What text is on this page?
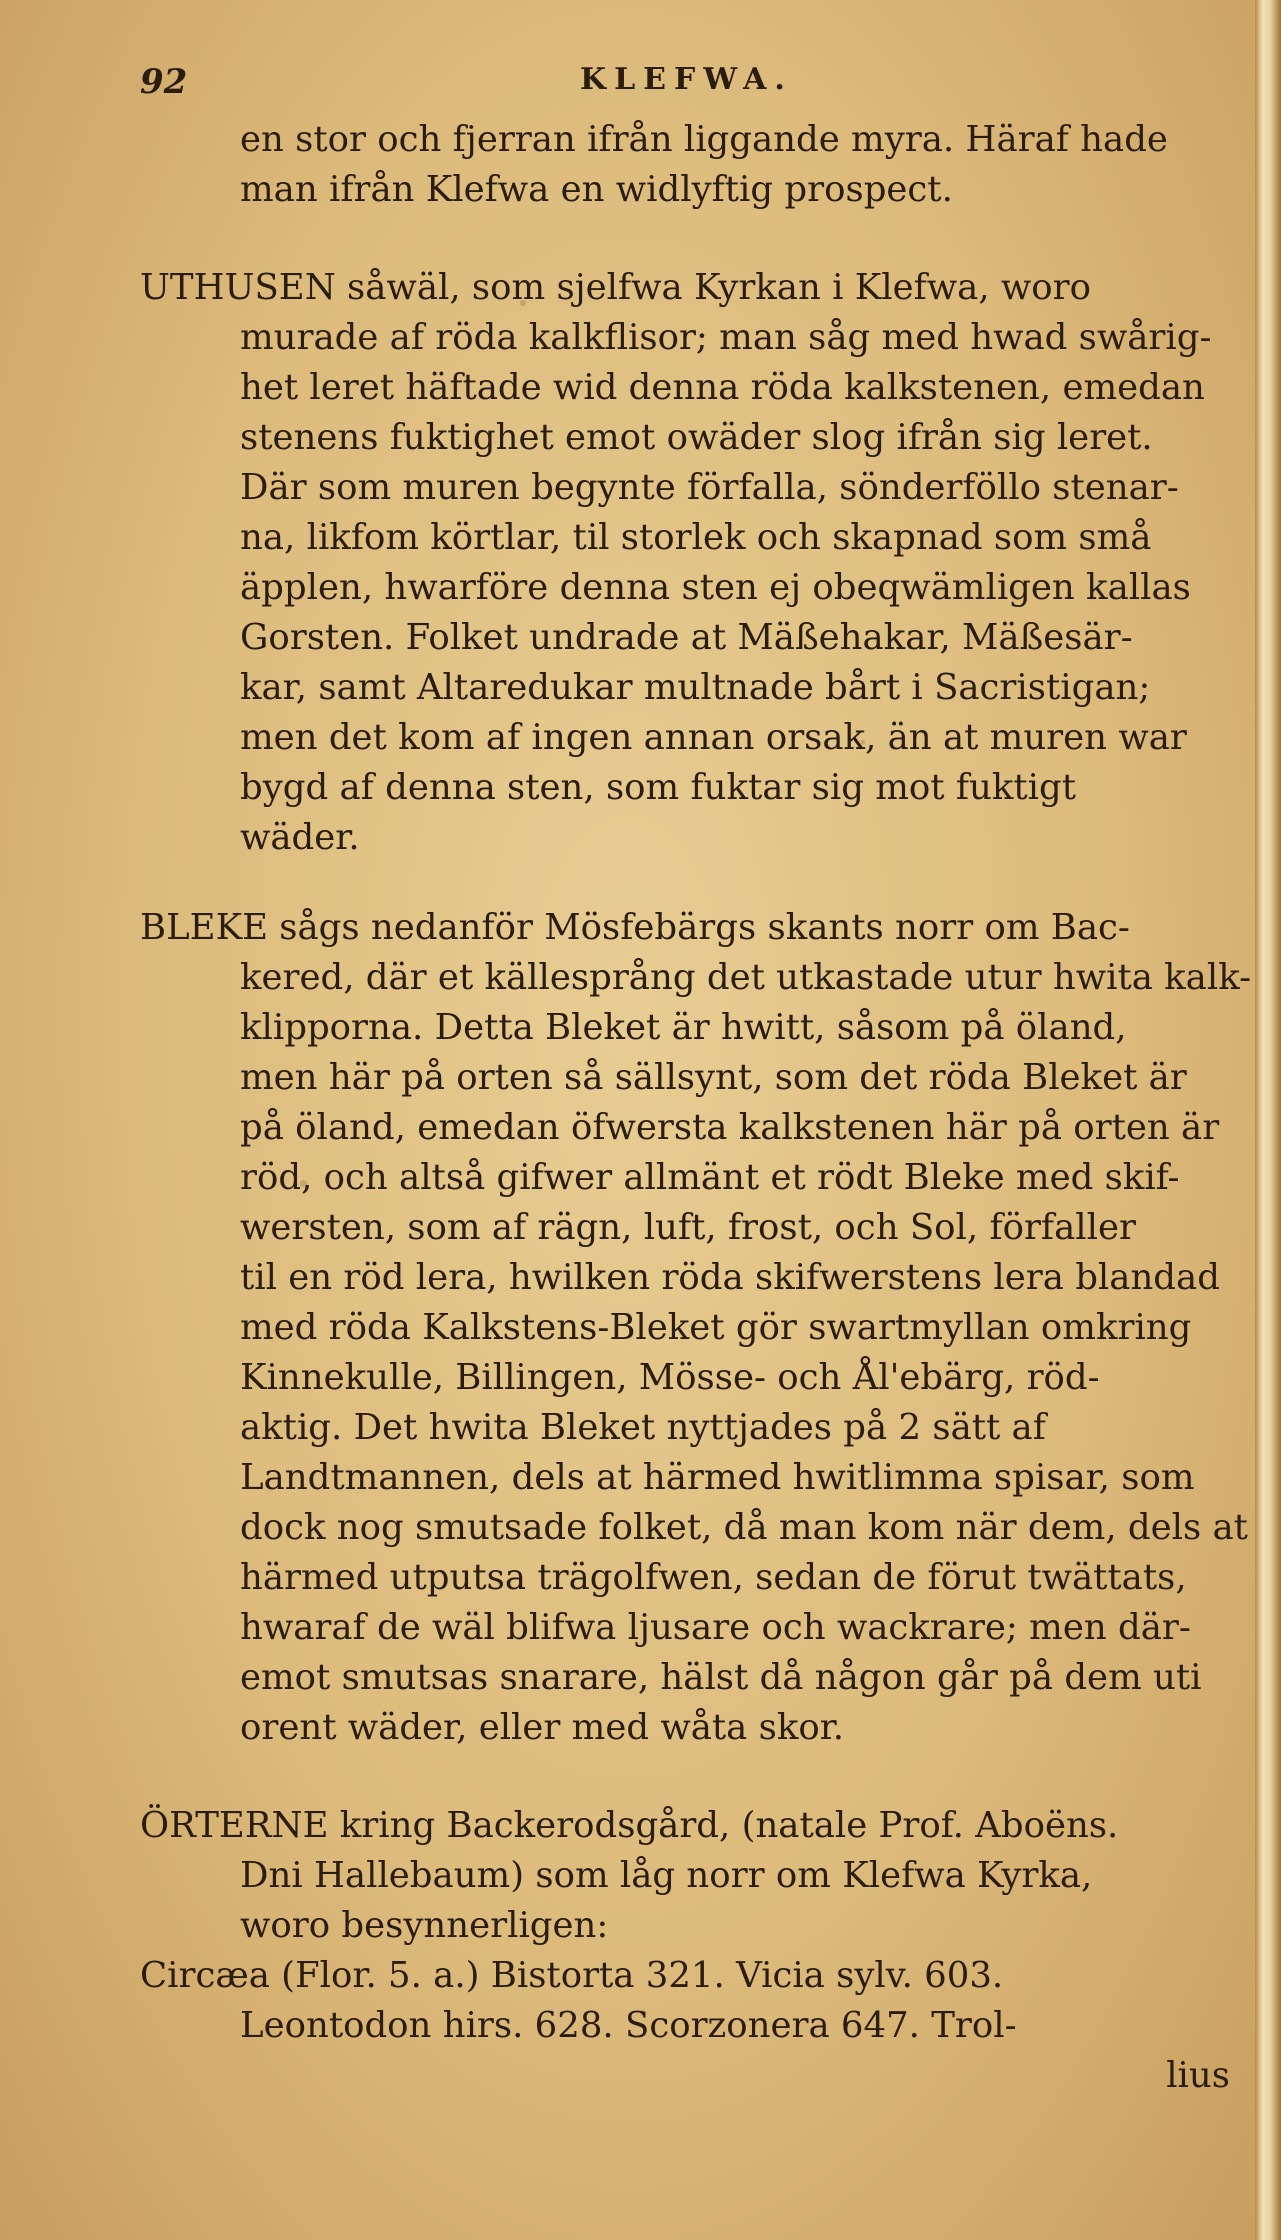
92	KLEFWA.
en stor och fjerran ifrån liggande myra. Häraf hade
man ifrån Klefwa en widlyftig prospect.
UTHUSEN såwäl, som sjelfwa Kyrkan i Klefwa, woro
murade af röda kalkflisor; man såg med hwad swårig-
het leret häftade wid denna röda kalkstenen, emedan
stenens fuktighet emot owäder slog ifrån sig leret.
Där som muren begynte förfalla, sönderföllo stenar-
na, likfom körtlar, til storlek och skapnad som små
äpplen, hwarföre denna sten ej obeqwämligen kallas
Gorsten. Folket undrade at Mäßehakar, Mäßesär-
kar, samt Altaredukar multnade bårt i Sacristigan;
men det kom af ingen annan orsak, än at muren war
bygd af denna sten, som fuktar sig mot fuktigt
wäder.
BLEKE sågs nedanför Mösfebärgs skants norr om Bac-
kered, där et källesprång det utkastade utur hwita kalk-
klipporna. Detta Bleket är hwitt, såsom på öland,
men här på orten så sällsynt, som det röda Bleket är
på öland, emedan öfwersta kalkstenen här på orten är
röd, och altså gifwer allmänt et rödt Bleke med skif-
wersten, som af rägn, luft, frost, och Sol, förfaller
til en röd lera, hwilken röda skifwerstens lera blandad
med röda Kalkstens-Bleket gör swartmyllan omkring
Kinnekulle, Billingen, Mösse- och Ål'ebärg, röd-
aktig. Det hwita Bleket nyttjades på 2 sätt af
Landtmannen, dels at härmed hwitlimma spisar, som
dock nog smutsade folket, då man kom när dem, dels at
härmed utputsa trägolfwen, sedan de förut twättats,
hwaraf de wäl blifwa ljusare och wackrare; men där-
emot smutsas snarare, hälst då någon går på dem uti
orent wäder, eller med wåta skor.
ÖRTERNE kring Backerodsgård, (natale Prof. Aboëns.
Dni Hallebaum) som låg norr om Klefwa Kyrka,
woro besynnerligen:
Circæa (Flor. 5. a.) Bistorta 321. Vicia sylv. 603.
Leontodon hirs. 628. Scorzonera 647. Trol-
lius
